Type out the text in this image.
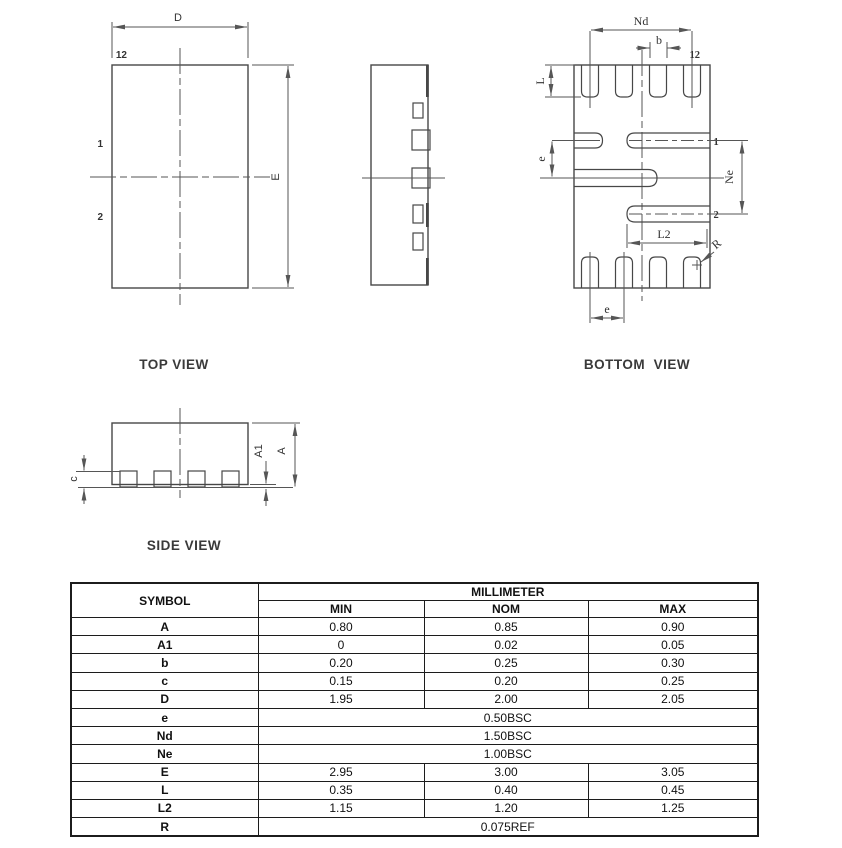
D
E
12
1
2
TOP VIEW
Nd
b
12
L
1
2
e
Ne
L2
R
e
BOTTOM  VIEW
c
A1 A
SIDE VIEW
SYMBOL	MILLIMETER		
	MIN	NOM	MAX
A	0.80	0.85	0.90
A1	0	0.02	0.05
b	0.20	0.25	0.30
c	0.15	0.20	0.25
D	1.95	2.00	2.05
e	0.50BSC		
Nd	1.50BSC		
Ne	1.00BSC		
E	2.95	3.00	3.05
L	0.35	0.40	0.45
L2	1.15	1.20	1.25
R	0.075REF		
